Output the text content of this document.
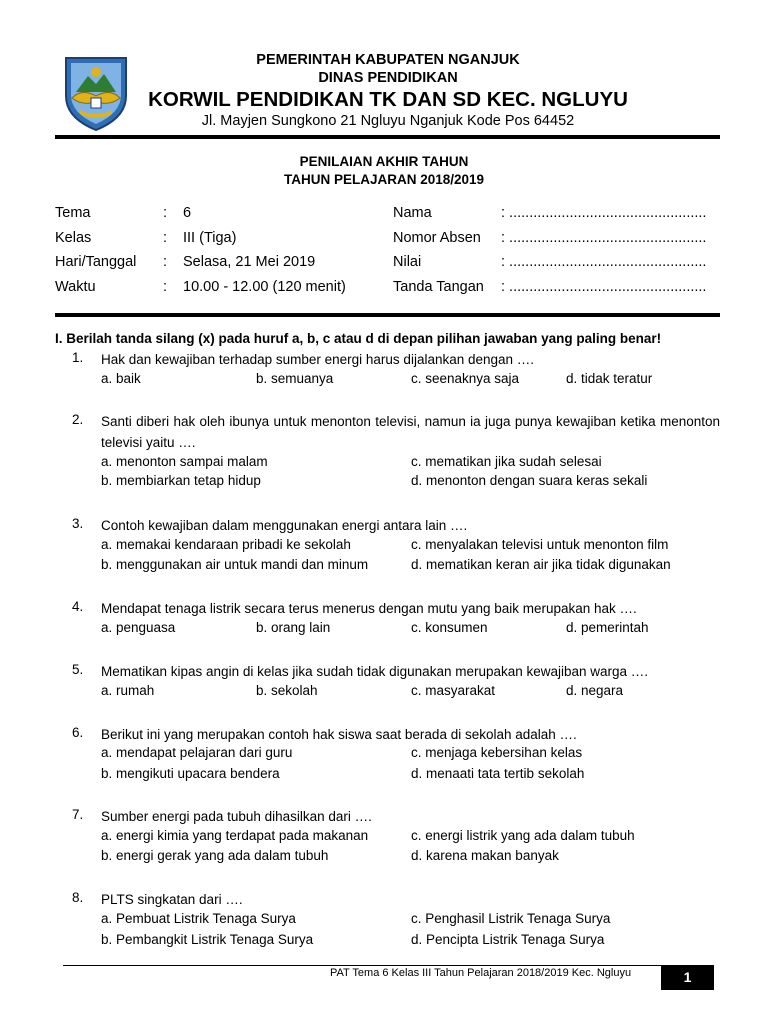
PEMERINTAH KABUPATEN NGANJUK
DINAS PENDIDIKAN
KORWIL PENDIDIKAN TK DAN SD KEC. NGLUYU
Jl. Mayjen Sungkono 21 Ngluyu Nganjuk Kode Pos 64452
PENILAIAN AKHIR TAHUN
TAHUN PELAJARAN 2018/2019
Tema	: 6	Nama	: .................................................
Kelas	: III (Tiga)	Nomor Absen : .................................................
Hari/Tanggal : Selasa, 21 Mei 2019	Nilai	: .................................................
Waktu	: 10.00 - 12.00 (120 menit)	Tanda Tangan : .................................................
I. Berilah tanda silang (x) pada huruf a, b, c atau d di depan pilihan jawaban yang paling benar!
1. Hak dan kewajiban terhadap sumber energi harus dijalankan dengan ….
a. baik	b. semuanya	c. seenaknya saja	d. tidak teratur
2. Santi diberi hak oleh ibunya untuk menonton televisi, namun ia juga punya kewajiban ketika menonton televisi yaitu ….
a. menonton sampai malam
b. membiarkan tetap hidup
c. mematikan jika sudah selesai
d. menonton dengan suara keras sekali
3. Contoh kewajiban dalam menggunakan energi antara lain ….
a. memakai kendaraan pribadi ke sekolah
b. menggunakan air untuk mandi dan minum
c. menyalakan televisi untuk menonton film
d. mematikan keran air jika tidak digunakan
4. Mendapat tenaga listrik secara terus menerus dengan mutu yang baik merupakan hak ….
a. penguasa	b. orang lain	c. konsumen	d. pemerintah
5. Mematikan kipas angin di kelas jika sudah tidak digunakan merupakan kewajiban warga ….
a. rumah	b. sekolah	c. masyarakat	d. negara
6. Berikut ini yang merupakan contoh hak siswa saat berada di sekolah adalah ….
a. mendapat pelajaran dari guru
b. mengikuti upacara bendera
c. menjaga kebersihan kelas
d. menaati tata tertib sekolah
7. Sumber energi pada tubuh dihasilkan dari ….
a. energi kimia yang terdapat pada makanan
b. energi gerak yang ada dalam tubuh
c. energi listrik yang ada dalam tubuh
d. karena makan banyak
8. PLTS singkatan dari ….
a. Pembuat Listrik Tenaga Surya
b. Pembangkit Listrik Tenaga Surya
c. Penghasil Listrik Tenaga Surya
d. Pencipta Listrik Tenaga Surya
PAT Tema 6 Kelas III Tahun Pelajaran 2018/2019 Kec. Ngluyu	1
